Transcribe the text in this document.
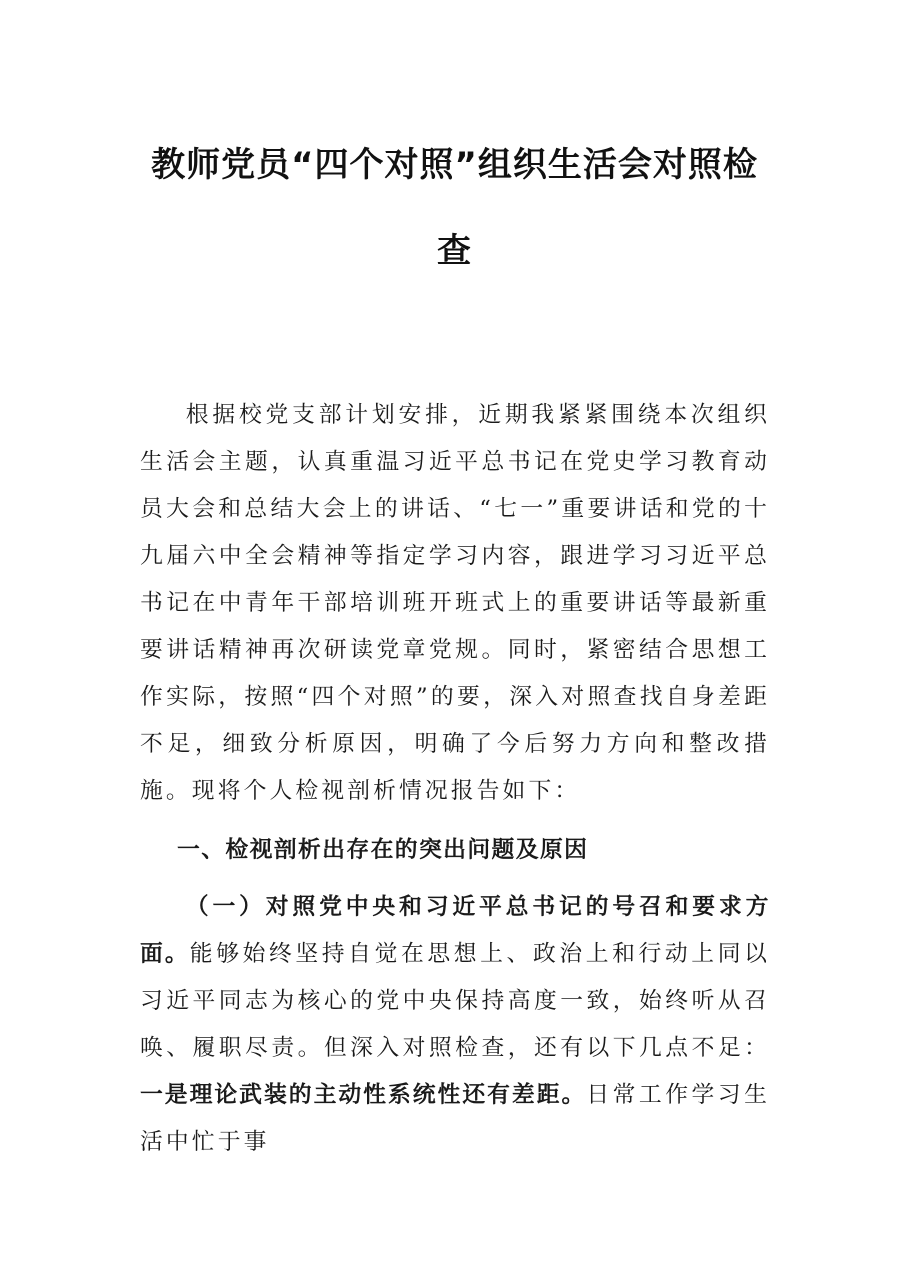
教师党员“四个对照”组织生活会对照检
查

根据校党支部计划安排，近期我紧紧围绕本次组织生活会主题，认真重温习近平总书记在党史学习教育动员大会和总结大会上的讲话、“七一”重要讲话和党的十九届六中全会精神等指定学习内容，跟进学习习近平总书记在中青年干部培训班开班式上的重要讲话等最新重要讲话精神再次研读党章党规。同时，紧密结合思想工作实际，按照“四个对照”的要，深入对照查找自身差距不足，细致分析原因，明确了今后努力方向和整改措施。现将个人检视剖析情况报告如下：

一、检视剖析出存在的突出问题及原因

（一）对照党中央和习近平总书记的号召和要求方面。能够始终坚持自觉在思想上、政治上和行动上同以习近平同志为核心的党中央保持高度一致，始终听从召唤、履职尽责。但深入对照检查，还有以下几点不足：一是理论武装的主动性系统性还有差距。日常工作学习生活中忙于事
